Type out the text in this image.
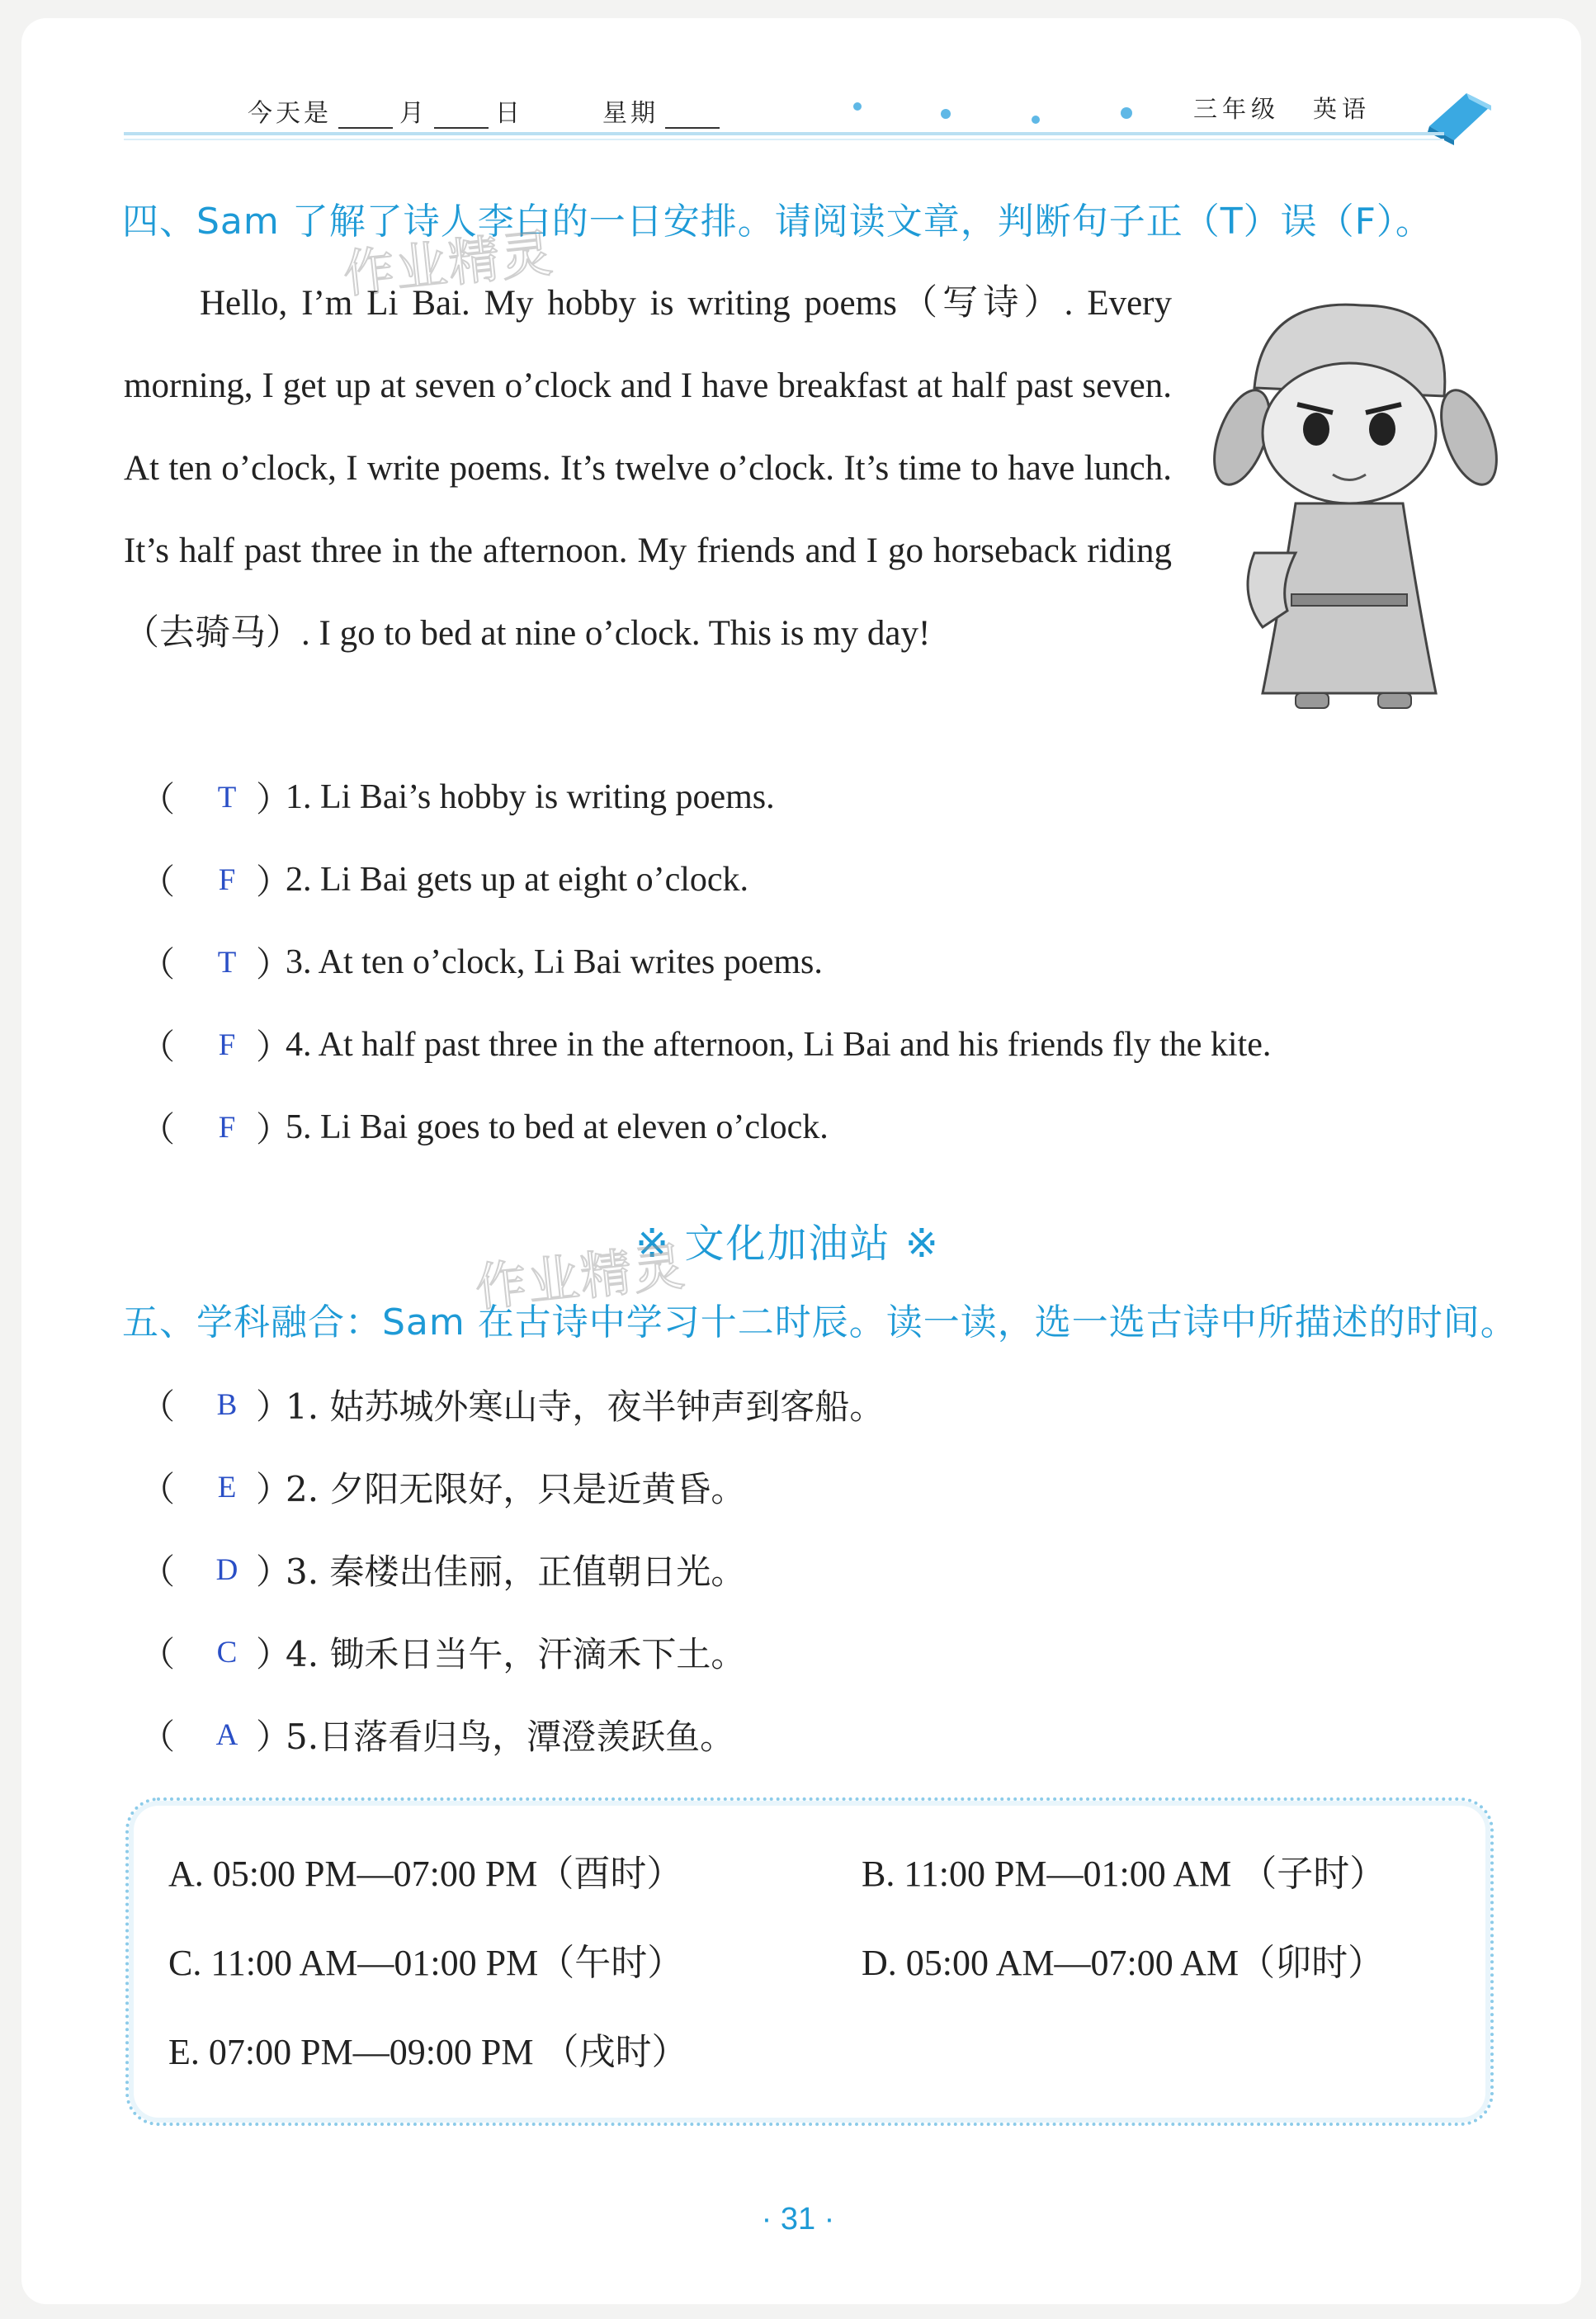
今天是	月	日	星期	三年级 英语
四、Sam 了解了诗人李白的一日安排。请阅读文章，判断句子正（T）误（F）。
作业精灵

Hello, I’m Li Bai. My hobby is writing poems（写诗）. Every morning, I get up at seven o’clock and I have breakfast at half past seven. At ten o’clock, I write poems. It’s twelve o’clock. It’s time to have lunch. It’s half past three in the afternoon. My friends and I go horseback riding（去骑马）. I go to bed at nine o’clock. This is my day!

（	T ）
1. Li Bai’s hobby is writing poems.
（	F ）
2. Li Bai gets up at eight o’clock.
（	T ）
3. At ten o’clock, Li Bai writes poems.
（	F ）
4. At half past three in the afternoon, Li Bai and his friends fly the kite.
（	F ）
5. Li Bai goes to bed at eleven o’clock.
※ 文化加油站 ※
作业精灵
五、学科融合：Sam 在古诗中学习十二时辰。读一读，选一选古诗中所描述的时间。
（	B ）
1. 姑苏城外寒山寺，夜半钟声到客船。
（	E ）
2. 夕阳无限好，只是近黄昏。
（	D ）
3. 秦楼出佳丽，正值朝日光。
（	C ）
4. 锄禾日当午，汗滴禾下土。
（	A ）
5.日落看归鸟，潭澄羡跃鱼。
A. 05:00 PM—07:00 PM（酉时）	B. 11:00 PM—01:00 AM （子时）
C. 11:00 AM—01:00 PM（午时）	D. 05:00 AM—07:00 AM（卯时）
E. 07:00 PM—09:00 PM （戌时）
· 31 ·
